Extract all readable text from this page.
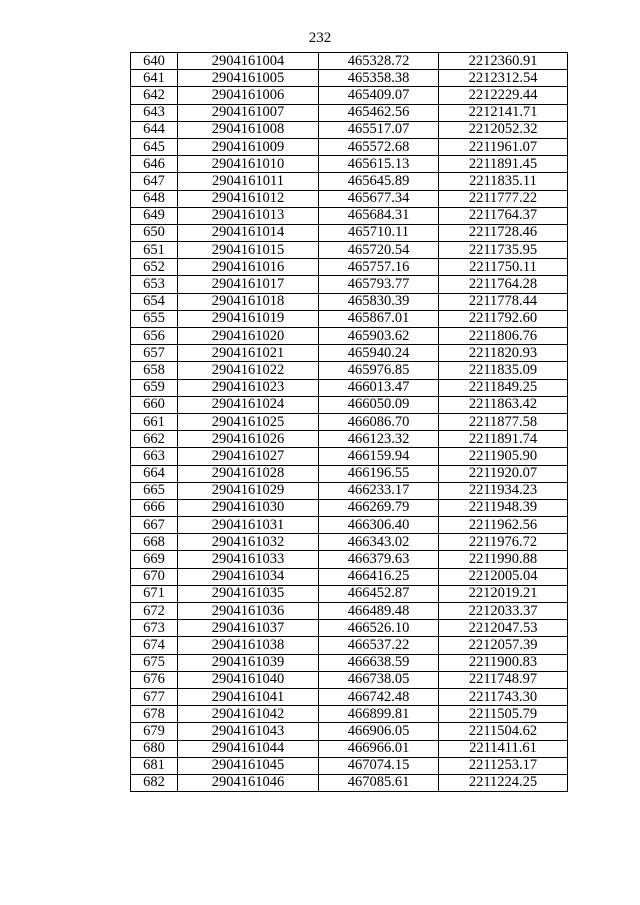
232
640	2904161004	465328.72	2212360.91
641	2904161005	465358.38	2212312.54
642	2904161006	465409.07	2212229.44
643	2904161007	465462.56	2212141.71
644	2904161008	465517.07	2212052.32
645	2904161009	465572.68	2211961.07
646	2904161010	465615.13	2211891.45
647	2904161011	465645.89	2211835.11
648	2904161012	465677.34	2211777.22
649	2904161013	465684.31	2211764.37
650	2904161014	465710.11	2211728.46
651	2904161015	465720.54	2211735.95
652	2904161016	465757.16	2211750.11
653	2904161017	465793.77	2211764.28
654	2904161018	465830.39	2211778.44
655	2904161019	465867.01	2211792.60
656	2904161020	465903.62	2211806.76
657	2904161021	465940.24	2211820.93
658	2904161022	465976.85	2211835.09
659	2904161023	466013.47	2211849.25
660	2904161024	466050.09	2211863.42
661	2904161025	466086.70	2211877.58
662	2904161026	466123.32	2211891.74
663	2904161027	466159.94	2211905.90
664	2904161028	466196.55	2211920.07
665	2904161029	466233.17	2211934.23
666	2904161030	466269.79	2211948.39
667	2904161031	466306.40	2211962.56
668	2904161032	466343.02	2211976.72
669	2904161033	466379.63	2211990.88
670	2904161034	466416.25	2212005.04
671	2904161035	466452.87	2212019.21
672	2904161036	466489.48	2212033.37
673	2904161037	466526.10	2212047.53
674	2904161038	466537.22	2212057.39
675	2904161039	466638.59	2211900.83
676	2904161040	466738.05	2211748.97
677	2904161041	466742.48	2211743.30
678	2904161042	466899.81	2211505.79
679	2904161043	466906.05	2211504.62
680	2904161044	466966.01	2211411.61
681	2904161045	467074.15	2211253.17
682	2904161046	467085.61	2211224.25
